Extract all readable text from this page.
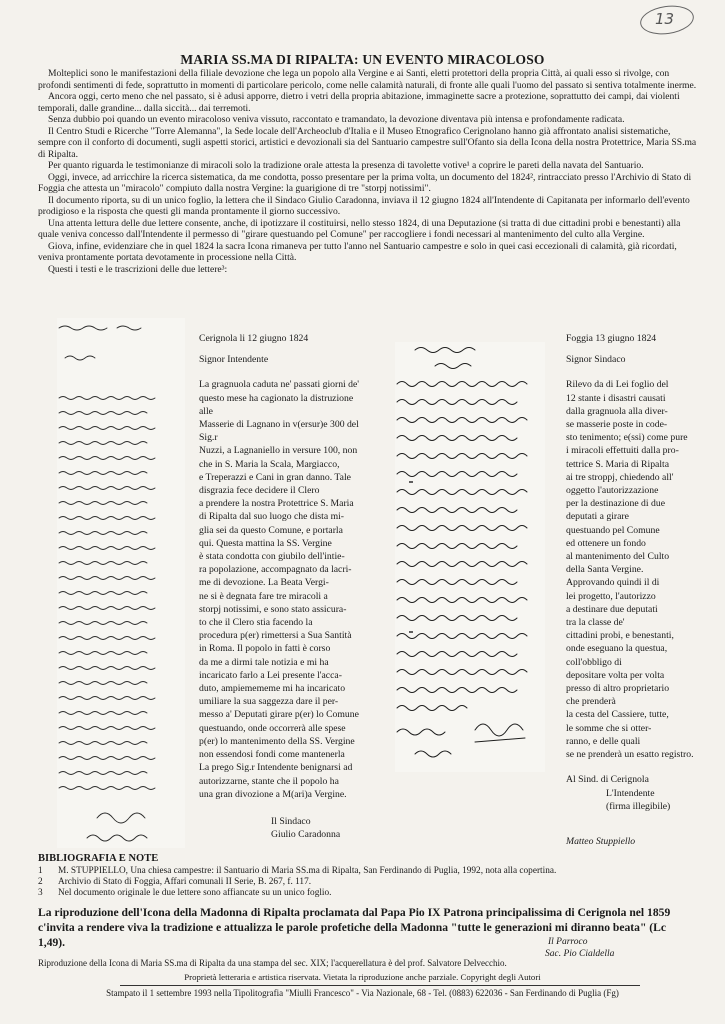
13
MARIA SS.MA DI RIPALTA: UN EVENTO MIRACOLOSO

Molteplici sono le manifestazioni della filiale devozione che lega un popolo alla Vergine e ai Santi, eletti protettori della propria Città, ai quali esso si rivolge, con profondi sentimenti di fede, soprattutto in momenti di particolare pericolo, come nelle calamità naturali, di fronte alle quali l'uomo del passato si sentiva totalmente inerme.

Ancora oggi, certo meno che nel passato, si è adusi apporre, dietro i vetri della propria abitazione, immaginette sacre a protezione, soprattutto dei campi, dai violenti temporali, dalle grandine... dalla siccità... dai terremoti.

Senza dubbio poi quando un evento miracoloso veniva vissuto, raccontato e tramandato, la devozione diventava più intensa e profondamente radicata.

Il Centro Studi e Ricerche "Torre Alemanna", la Sede locale dell'Archeoclub d'Italia e il Museo Etnografico Cerignolano hanno già affrontato analisi sistematiche, sempre con il conforto di documenti, sugli aspetti storici, artistici e devozionali sia del Santuario campestre sull'Ofanto sia della Icona della nostra Protettrice, Maria SS.ma di Ripalta.

Per quanto riguarda le testimonianze di miracoli solo la tradizione orale attesta la presenza di tavolette votive¹ a coprire le pareti della navata del Santuario.

Oggi, invece, ad arricchire la ricerca sistematica, da me condotta, posso presentare per la prima volta, un documento del 1824², rintracciato presso l'Archivio di Stato di Foggia che attesta un "miracolo" compiuto dalla nostra Vergine: la guarigione di tre "storpj notissimi".

Il documento riporta, su di un unico foglio, la lettera che il Sindaco Giulio Caradonna, inviava il 12 giugno 1824 all'Intendente di Capitanata per informarlo dell'evento prodigioso e la risposta che questi gli manda prontamente il giorno successivo.

Una attenta lettura delle due lettere consente, anche, di ipotizzare il costituirsi, nello stesso 1824, di una Deputazione (si tratta di due cittadini probi e benestanti) alla quale veniva concesso dall'Intendente il permesso di "girare questuando pel Comune" per raccogliere i fondi necessari al mantenimento del culto alla Vergine.

Giova, infine, evidenziare che in quel 1824 la sacra Icona rimaneva per tutto l'anno nel Santuario campestre e solo in quei casi eccezionali di calamità, già ricordati, veniva prontamente portata devotamente in processione nella Città.

Questi i testi e le trascrizioni delle due lettere³:

Cerignola li 12 giugno 1824
Signor Intendente
La gragnuola caduta ne' passati giorni de'
questo mese ha cagionato la distruzione alle
Masserie di Lagnano in v(ersur)e 300 del Sig.r
Nuzzi, a Lagnaniello in versure 100, non
che in S. Maria la Scala, Margiacco,
e Treperazzi e Cani in gran danno. Tale
disgrazia fece decidere il Clero
a prendere la nostra Protettrice S. Maria
di Ripalta dal suo luogo che dista mi-
glia sei da questo Comune, e portarla
qui. Questa mattina la SS. Vergine
è stata condotta con giubilo dell'intie-
ra popolazione, accompagnato da lacri-
me di devozione. La Beata Vergi-
ne si è degnata fare tre miracoli a
storpj notissimi, e sono stato assicura-
to che il Clero stia facendo la
procedura p(er) rimettersi a Sua Santità
in Roma. Il popolo in fatti è corso
da me a dirmi tale notizia e mi ha
incaricato farlo a Lei presente l'acca-
duto, ampiemememe mi ha incaricato
umiliare la sua saggezza dare il per-
messo a' Deputati girare p(er) lo Comune
questuando, onde occorrerà alle spese
p(er) lo mantenimento della SS. Vergine
non essendosi fondi come mantenerla
La prego Sig.r Intendente benignarsi ad
autorizzarne, stante che il popolo ha
una gran divozione a M(ari)a Vergine.
Il Sindaco
Giulio Caradonna
Foggia 13 giugno 1824
Signor Sindaco
Rilevo da di Lei foglio del
12 stante i disastri causati
dalla gragnuola alla diver-
se masserie poste in code-
sto tenimento; e(ssi) come pure
i miracoli effettuiti dalla pro-
tettrice S. Maria di Ripalta
ai tre stroppj, chiedendo all'
oggetto l'autorizzazione
per la destinazione di due
deputati a girare
questuando pel Comune
ed ottenere un fondo
al mantenimento del Culto
della Santa Vergine.
Approvando quindi il di
lei progetto, l'autorizzo
a destinare due deputati
tra la classe de'
cittadini probi, e benestanti,
onde eseguano la questua,
coll'obbligo di
depositare volta per volta
presso di altro proprietario
che prenderà
la cesta del Cassiere, tutte,
le somme che si otter-
ranno, e delle quali
se ne prenderà un esatto registro.
Al Sind. di Cerignola
L'Intendente
(firma illegibile)
Matteo Stuppiello
BIBLIOGRAFIA E NOTE
1 M. STUPPIELLO, Una chiesa campestre: il Santuario di Maria SS.ma di Ripalta, San Ferdinando di Puglia, 1992, nota alla copertina.
2 Archivio di Stato di Foggia, Affari comunali II Serie, B. 267, f. 117.
3 Nel documento originale le due lettere sono affiancate su un unico foglio.
La riproduzione dell'Icona della Madonna di Ripalta proclamata dal Papa Pio IX Patrona principalissima di Cerignola nel 1859 c'invita a rendere viva la tradizione e attualizza le parole profetiche della Madonna "tutte le generazioni mi diranno beata" (Lc 1,49).	Il Parroco
Sac. Pio Cialdella
Riproduzione della Icona di Maria SS.ma di Ripalta da una stampa del sec. XIX; l'acquerellatura è del prof. Salvatore Delvecchio.
Proprietà letteraria e artistica riservata. Vietata la riproduzione anche parziale. Copyright degli Autori
Stampato il 1 settembre 1993 nella Tipolitografia "Miulli Francesco" - Via Nazionale, 68 - Tel. (0883) 622036 - San Ferdinando di Puglia (Fg)
